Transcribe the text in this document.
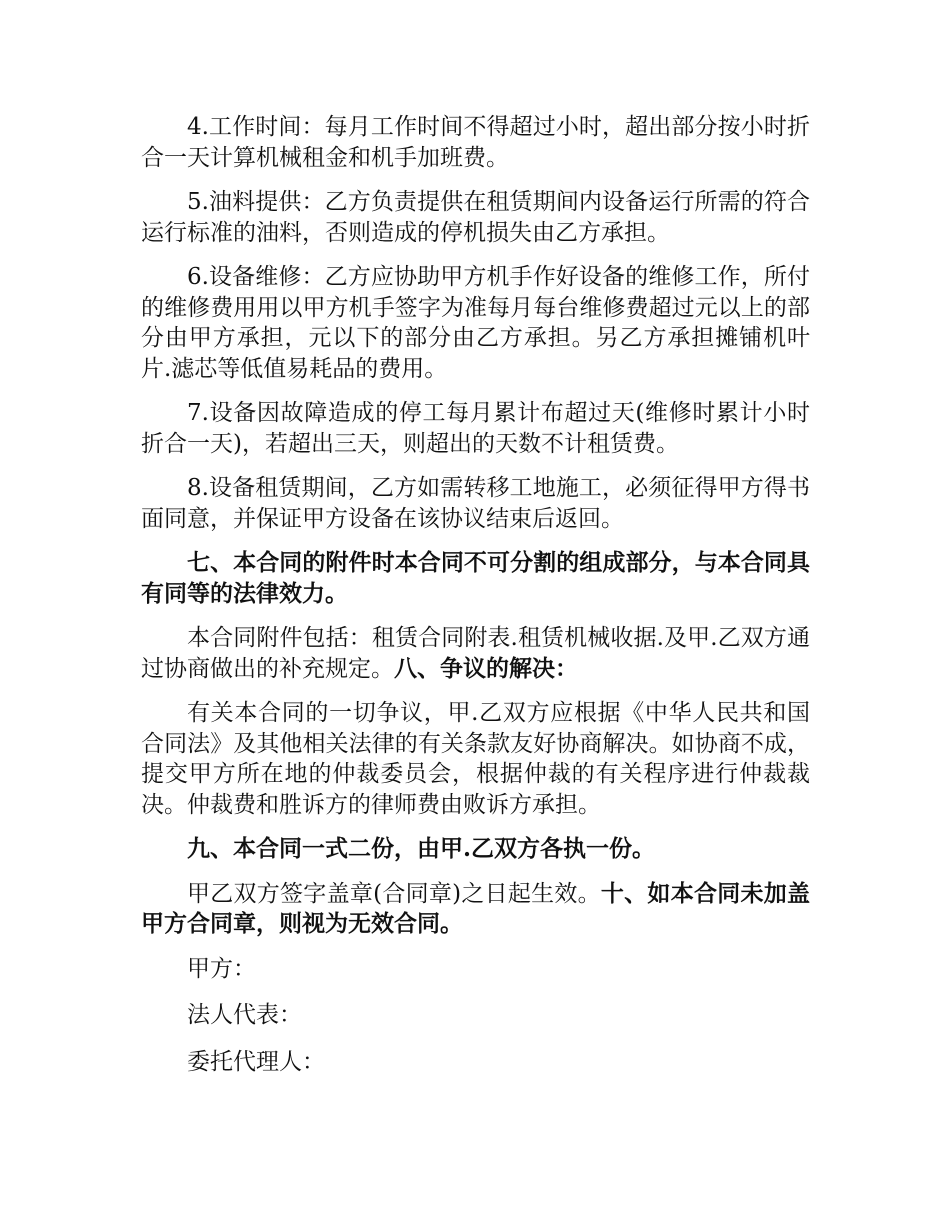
4.工作时间：每月工作时间不得超过小时，超出部分按小时折合一天计算机械租金和机手加班费。

5.油料提供：乙方负责提供在租赁期间内设备运行所需的符合运行标准的油料，否则造成的停机损失由乙方承担。

6.设备维修：乙方应协助甲方机手作好设备的维修工作，所付的维修费用用以甲方机手签字为准每月每台维修费超过元以上的部分由甲方承担，元以下的部分由乙方承担。另乙方承担摊铺机叶片.滤芯等低值易耗品的费用。

7.设备因故障造成的停工每月累计布超过天(维修时累计小时折合一天)，若超出三天，则超出的天数不计租赁费。

8.设备租赁期间，乙方如需转移工地施工，必须征得甲方得书面同意，并保证甲方设备在该协议结束后返回。

七、本合同的附件时本合同不可分割的组成部分，与本合同具有同等的法律效力。

本合同附件包括：租赁合同附表.租赁机械收据.及甲.乙双方通过协商做出的补充规定。八、争议的解决：

有关本合同的一切争议，甲.乙双方应根据《中华人民共和国合同法》及其他相关法律的有关条款友好协商解决。如协商不成，提交甲方所在地的仲裁委员会，根据仲裁的有关程序进行仲裁裁决。仲裁费和胜诉方的律师费由败诉方承担。

九、本合同一式二份，由甲.乙双方各执一份。

甲乙双方签字盖章(合同章)之日起生效。十、如本合同未加盖甲方合同章，则视为无效合同。

甲方：

法人代表：

委托代理人：
